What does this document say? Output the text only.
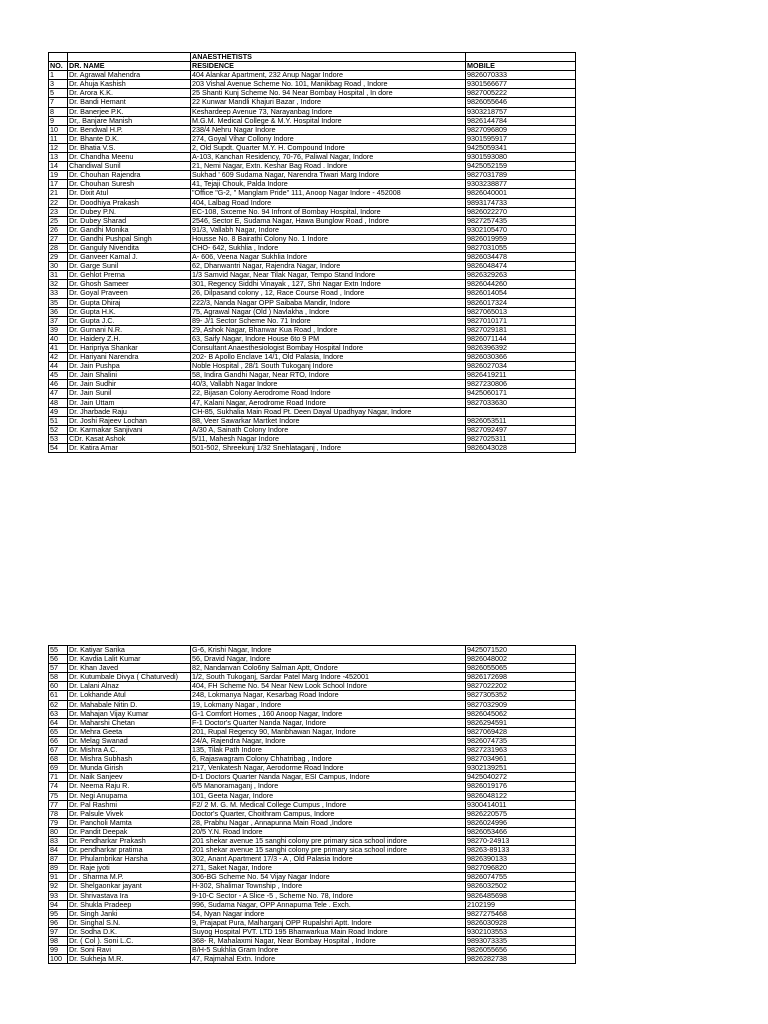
		ANAESTHETISTS	
NO.	DR. NAME	RESIDENCE	MOBILE
1	Dr. Agrawal Mahendra	404 Alankar Apartment, 232 Anup Nagar Indore	9826070333
3	Dr. Ahuja Kashish	203 Vishal Avenue Scheme No. 101, Manikbag Road , Indore	9301566677
5	Dr. Arora K.K.	25 Shanti Kunj Scheme No. 94 Near Bombay Hospital , In dore	9827005222
7	Dr. Bandi Hemant	22 Kunwar Mandli Khajuri Bazar , Indore	9826055646
8	Dr. Banerjee P.K.	Keshardeep Avenue 73, Narayanbag Indore	9303218757
9	Dr,. Banjare Manish	M.G.M. Medical College & M.Y. Hospital Indore	9826144784
10	Dr. Bendwal H.P.	238/4 Nehru Nagar Indore	9827096809
11	Dr. Bhante D.K.	274, Goyal Vihar Collony Indore	9301595917
12	Dr. Bhatia V.S.	2, Old Supdt. Quarter M.Y. H. Compound Indore	9425059341
13	Dr. Chandha Meenu	A-103, Kanchan Residency, 70-76, Paliwal Nagar, Indore	9301593080
14	Chandiwal Sunil	21, Nemi Nagar, Extn. Keshar Bag Road . Indore	9425052159
19	Dr. Chouhan Rajendra	Sukhad ' 609 Sudama Nagar, Narendra Tiwari Marg Indore	9827031789
17	Dr. Chouhan Suresh	41, Tejaji Chouk, Palda Indore	9303238877
21	Dr. Dixit Atul	"Office "G-2, " Manglam Pride" 111, Anoop Nagar Indore - 452008	9826040001
22	Dr. Doodhiya Prakash	404, Lalbag Road Indore	9893174733
23	Dr. Dubey P.N.	EC-108, Sxceme No. 94 Infront of Bombay Hospital, Indore	9826022270
25	Dr. Dubey Sharad	2546, Sector E, Sudama Nagar, Hawa Bunglow Road , Indore	9827257435
26	Dr. Gandhi Monika	91/3, Vallabh Nagar, Indore	9302105470
27	Dr. Gandhi Pushpal Singh	Housse No. 8 Bairathi Colony No. 1 Indore	9826019959
28	Dr. Ganguly Nivendita	CHO- 642, Sukhlia , Indore	9827031055
29	Dr. Ganveer Kamal J.	A- 606, Veena Nagar Sukhlia Indore	9826034478
30	Dr. Garge Sunil	62, Dhanwantri Nagar, Rajendra Nagar, Indore	9826048474
31	Dr. Gehlot Prerna	1/3 Samvid Nagar, Near Tilak Nagar, Tempo Stand Indore	9826329263
32	Dr. Ghosh Sameer	301, Regency Siddhi Vinayak , 127, Shri Nagar Extn Indore	9826044260
33	Dr. Goyal Praveen	26, Dilpasand colony , 12, Race Course Road , Indore	9826014054
35	Dr. Gupta Dhiraj	222/3, Nanda Nagar OPP Saibaba Mandir, Indore	9826017324
36	Dr. Gupta H.K.	75, Agrawal Nagar (Old ) Navlakha , Indore	9827065013
37	Dr. Gupta J.C.	89- J/1 Sector Scheme No. 71 Indore	9827010171
39	Dr. Gurnani N.R.	29, Ashok Nagar, Bhanwar Kua Road , Indore	9827029181
40	Dr. Haidery Z.H.	63, Saify Nagar, Indore House 6to 9 PM	9826071144
41	Dr. Haripriya Shankar	Consultant Anaesthesiologist Bombay Hospital Indore	9826396392
42	Dr. Hariyani Narendra	202- B Apollo Enclave 14/1, Old Palasia, Indore	9826030366
44	Dr. Jain Pushpa	Noble Hospital , 28/1 South Tukoganj Indore	9826027034
45	Dr. Jain Shalini	58, Indira Gandhi Nagar, Near RTO, Indore	9826419211
46	Dr. Jain Sudhir	40/3, Vallabh Nagar Indore	9827230806
47	Dr. Jain Sunil	22, Bijasan Colony Aerodrome Road Indore	9425060171
48	Dr. Jain Uttam	47, Kalani Nagar, Aerodrome Road Indore	9827033630
49	Dr. Jharbade Raju	CH-85, Sukhalia Main Road Pt. Deen Dayal Upadhyay Nagar, Indore	
51	Dr. Joshi Rajeev Lochan	88, Veer Sawarkar Martket Indore	9826053511
52	Dr. Karmakar Sanjivani	A/30 A, Sainath Colony Indore	9827092497
53	CDr. Kasat Ashok	5/11, Mahesh Nagar Indore	9827025311
54	Dr. Katira Amar	501-502, Shreekunj 1/32 Snehlataganj , Indore	9826043028
55	Dr. Katiyar Sarika	G-6, Krishi Nagar, Indore	9425071520
56	Dr. Kavdia Lalit Kumar	56, Dravid Nagar, Indore	9826048002
57	Dr. Khan Javed	82, Nandanvan Colo6ny Salman Aptt, Ondore	9826055065
58	Dr. Kutumbale Divya ( Chaturvedi)	1/2, South Tukoganj, Sardar Patel Marg Indore -452001	9826172698
60	Dr. Lalani Alnaz	404, FH Scheme No. 54 Near New Look School Indore	9827022202
61	Dr. Lokhande Atul	248, Lokmanya Nagar, Kesarbag Road Indore	9827305352
62	Dr. Mahabale Nitin D.	19, Lokmany Nagar , Indore	9827032909
63	Dr. Mahajan Vijay Kumar	G-1 Comfort Homes , 160 Anoop Nagar, Indore	9826045062
64	Dr. Maharshi Chetan	F-1 Doctor's Quarter Nanda Nagar, Indore	9826294591
65	Dr. Mehra Geeta	201, Rupal Regency 90, Manbhawan Nagar, Indore	9827069428
66	Dr. Melag Swanad	24/A, Rajendra Nagar, Indore	9826074735
67	Dr. Mishra A.C.	135, Tilak Path Indore	9827231963
68	Dr. Mishra Subhash	6, Rajaswagram Colony Chhatribag , Indore	9827034961
69	Dr. Munda Girish	217, Venkatesh Nagar, Aerodorme Road Indore	9302139251
71	Dr. Naik Sanjeev	D-1 Doctors Quarter Nanda Nagar, ESI Campus, Indore	9425040272
74	Dr. Neema Raju R.	6/5 Manoramaganj , Indore	9826019176
75	Dr. Negi Anupama	101, Geeta Nagar, Indore	9826048122
77	Dr. Pal Rashmi	F2/ 2 M. G. M. Medical College Cumpus , Indore	9300414011
78	Dr. Palsule Vivek	Doctor's Quarter, Choithram Campus, Indore	9826220575
79	Dr. Pancholi Mamta	28, Prabhu Nagar , Annapunna Main Road ,Indore	9826024996
80	Dr. Pandit Deepak	20/5 Y.N. Road Indore	9826053466
83	Dr. Pendharkar Prakash	201 shekar avenue 15 sanghi colony pre primary sica school indore	98270-24913
84	Dr. pendharkar pratima	201 shekar avenue 15 sanghi colony pre primary sica school indore	98263-89133
87	Dr. Phulambrikar Harsha	302, Anant Apartment 17/3 - A , Old Palasia Indore	9826390133
89	Dr. Raje jyoti	271, Saket Nagar, Indore	9827096820
91	Dr . Sharma M.P.	306-BG Scheme No. 54 Vijay Nagar Indore	9826074755
92	Dr. Shelgaonkar jayant	H-302, Shalimar Township , Indore	9826032502
93	Dr. Shrivastava Ira	9-10-C Sector - A Slice -5 , Scheme No. 78, Indore	9826485698
94	Dr. Shukla Pradeep	996, Sudama Nagar, OPP Annapurna Tele . Exch.	2102199
95	Dr. Singh Janki	54, Nyan Nagar indore	9827275468
96	Dr. Singhal S.N.	9, Prajapat Pura, Malharganj OPP Rupalshri Aptt. Indore	9826030928
97	Dr. Sodha D.K.	Suyog Hospital PVT. LTD 195 Bhanwarkua Main Road Indore	9302103553
98	Dr. ( Col ). Soni L.C.	368- R, Mahalaxmi Nagar, Near Bombay Hospital , Indore	9893073335
99	Dr. Soni Ravi	B/H-5 Sukhlia Gram Indore	9826055656
100	Dr. Sukheja M.R.	47, Rajmahal Extn. Indore	9826282738
